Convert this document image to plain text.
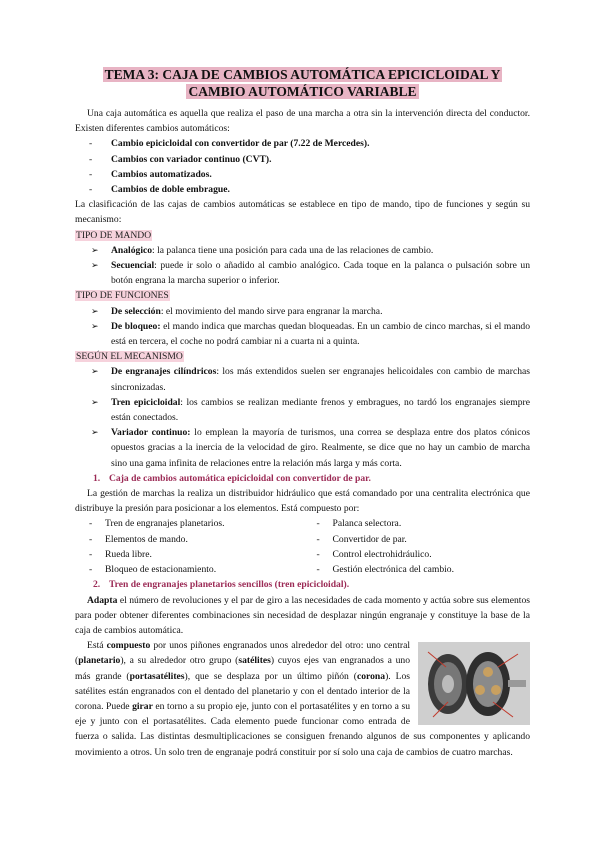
TEMA 3: CAJA DE CAMBIOS AUTOMÁTICA EPICICLOIDAL Y
CAMBIO AUTOMÁTICO VARIABLE

Una caja automática es aquella que realiza el paso de una marcha a otra sin la intervención directa del conductor. Existen diferentes cambios automáticos:

- Cambio epicicloidal con convertidor de par (7.22 de Mercedes).
- Cambios con variador continuo (CVT).
- Cambios automatizados.
- Cambios de doble embrague.

La clasificación de las cajas de cambios automáticas se establece en tipo de mando, tipo de funciones y según su mecanismo:

TIPO DE MANDO
➢ Analógico: la palanca tiene una posición para cada una de las relaciones de cambio.
➢ Secuencial: puede ir solo o añadido al cambio analógico. Cada toque en la palanca o pulsación sobre un botón engrana la marcha superior o inferior.
TIPO DE FUNCIONES
➢ De selección: el movimiento del mando sirve para engranar la marcha.
➢ De bloqueo: el mando indica que marchas quedan bloqueadas. En un cambio de cinco marchas, si el mando está en tercera, el coche no podrá cambiar ni a cuarta ni a quinta.
SEGÚN EL MECANISMO
➢ De engranajes cilíndricos: los más extendidos suelen ser engranajes helicoidales con cambio de marchas sincronizadas.
➢ Tren epicicloidal: los cambios se realizan mediante frenos y embragues, no tardó los engranajes siempre están conectados.
➢ Variador continuo: lo emplean la mayoría de turismos, una correa se desplaza entre dos platos cónicos opuestos gracias a la inercia de la velocidad de giro. Realmente, se dice que no hay un cambio de marcha sino una gama infinita de relaciones entre la relación más larga y más corta.
1. Caja de cambios automática epicicloidal con convertidor de par.

La gestión de marchas la realiza un distribuidor hidráulico que está comandado por una centralita electrónica que distribuye la presión para posicionar a los elementos. Está compuesto por:

- Tren de engranajes planetarios.
- Elementos de mando.
- Rueda libre.
- Bloqueo de estacionamiento.
- Palanca selectora.
- Convertidor de par.
- Control electrohidráulico.
- Gestión electrónica del cambio.
2. Tren de engranajes planetarios sencillos (tren epicicloidal).

Adapta el número de revoluciones y el par de giro a las necesidades de cada momento y actúa sobre sus elementos para poder obtener diferentes combinaciones sin necesidad de desplazar ningún engranaje y constituye la base de la caja de cambios automática.

Está compuesto por unos piñones engranados unos alrededor del otro: uno central (planetario), a su alrededor otro grupo (satélites) cuyos ejes van engranados a uno más grande (portasatélites), que se desplaza por un último piñón (corona). Los satélites están engranados con el dentado del planetario y con el dentado interior de la corona. Puede girar en torno a su propio eje, junto con el portasatélites y en torno a su eje y junto con el portasatélites. Cada elemento puede funcionar como entrada de fuerza o salida. Las distintas desmultiplicaciones se consiguen frenando algunos de sus componentes y aplicando movimiento a otros. Un solo tren de engranaje podrá constituir por sí solo una caja de cambios de cuatro marchas.
